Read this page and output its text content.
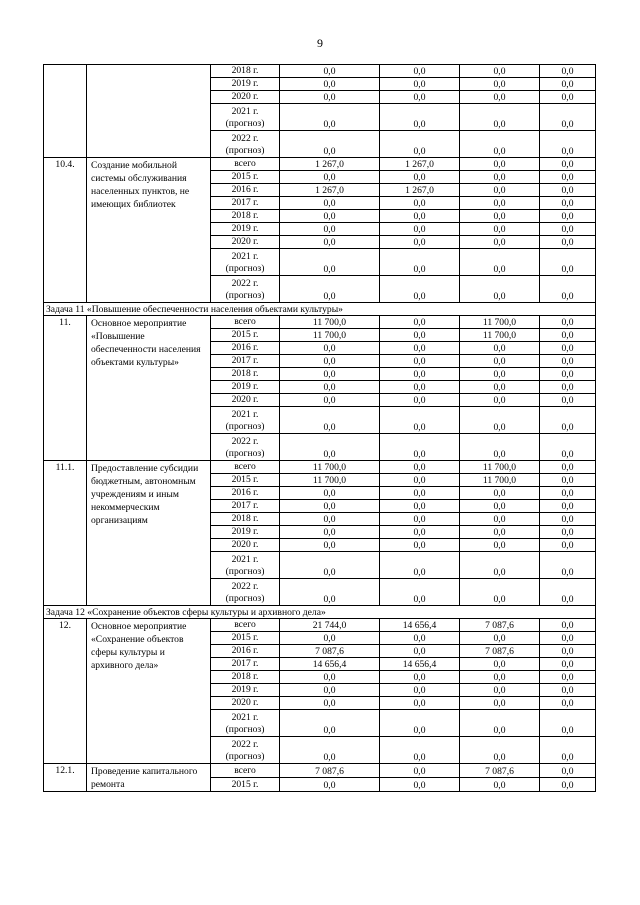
9
		2018 г.	0,0	0,0	0,0	0,0
		2019 г.	0,0	0,0	0,0	0,0
		2020 г.	0,0	0,0	0,0	0,0
		2021 г. (прогноз)	0,0	0,0	0,0	0,0
		2022 г. (прогноз)	0,0	0,0	0,0	0,0
10.4.	Создание мобильной системы обслуживания населенных пунктов, не имеющих библиотек	всего	1 267,0	1 267,0	0,0	0,0
		2015 г.	0,0	0,0	0,0	0,0
		2016 г.	1 267,0	1 267,0	0,0	0,0
		2017 г.	0,0	0,0	0,0	0,0
		2018 г.	0,0	0,0	0,0	0,0
		2019 г.	0,0	0,0	0,0	0,0
		2020 г.	0,0	0,0	0,0	0,0
		2021 г. (прогноз)	0,0	0,0	0,0	0,0
		2022 г. (прогноз)	0,0	0,0	0,0	0,0
Задача 11 «Повышение обеспеченности населения объектами культуры»						
11.	Основное мероприятие «Повышение обеспеченности населения объектами культуры»	всего	11 700,0	0,0	11 700,0	0,0
		2015 г.	11 700,0	0,0	11 700,0	0,0
		2016 г.	0,0	0,0	0,0	0,0
		2017 г.	0,0	0,0	0,0	0,0
		2018 г.	0,0	0,0	0,0	0,0
		2019 г.	0,0	0,0	0,0	0,0
		2020 г.	0,0	0,0	0,0	0,0
		2021 г. (прогноз)	0,0	0,0	0,0	0,0
		2022 г. (прогноз)	0,0	0,0	0,0	0,0
11.1.	Предоставление субсидии бюджетным, автономным учреждениям и иным некоммерческим организациям	всего	11 700,0	0,0	11 700,0	0,0
		2015 г.	11 700,0	0,0	11 700,0	0,0
		2016 г.	0,0	0,0	0,0	0,0
		2017 г.	0,0	0,0	0,0	0,0
		2018 г.	0,0	0,0	0,0	0,0
		2019 г.	0,0	0,0	0,0	0,0
		2020 г.	0,0	0,0	0,0	0,0
		2021 г. (прогноз)	0,0	0,0	0,0	0,0
		2022 г. (прогноз)	0,0	0,0	0,0	0,0
Задача 12 «Сохранение объектов сферы культуры и архивного дела»						
12.	Основное мероприятие «Сохранение объектов сферы культуры и архивного дела»	всего	21 744,0	14 656,4	7 087,6	0,0
		2015 г.	0,0	0,0	0,0	0,0
		2016 г.	7 087,6	0,0	7 087,6	0,0
		2017 г.	14 656,4	14 656,4	0,0	0,0
		2018 г.	0,0	0,0	0,0	0,0
		2019 г.	0,0	0,0	0,0	0,0
		2020 г.	0,0	0,0	0,0	0,0
		2021 г. (прогноз)	0,0	0,0	0,0	0,0
		2022 г. (прогноз)	0,0	0,0	0,0	0,0
12.1.	Проведение капитального ремонта	всего	7 087,6	0,0	7 087,6	0,0
		2015 г.	0,0	0,0	0,0	0,0
